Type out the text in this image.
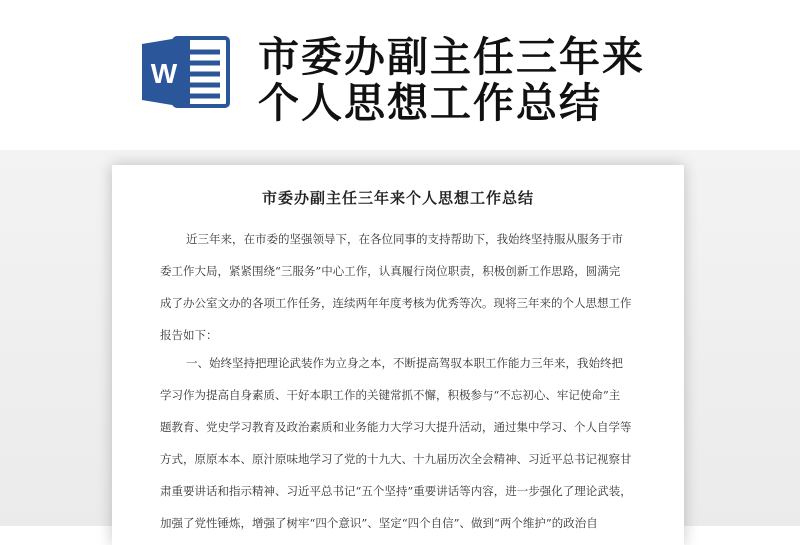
W 市委办副主任三年来
个人思想工作总结
市委办副主任三年来个人思想工作总结
近三年来，在市委的坚强领导下，在各位同事的支持帮助下，我始终坚持服从服务于市
委工作大局，紧紧围绕“三服务”中心工作，认真履行岗位职责，积极创新工作思路，圆满完
成了办公室文办的各项工作任务，连续两年年度考核为优秀等次。现将三年来的个人思想工作
报告如下：
一、始终坚持把理论武装作为立身之本，不断提高驾驭本职工作能力三年来，我始终把
学习作为提高自身素质、干好本职工作的关键常抓不懈，积极参与“不忘初心、牢记使命”主
题教育、党史学习教育及政治素质和业务能力大学习大提升活动，通过集中学习、个人自学等
方式，原原本本、原汁原味地学习了党的十九大、十九届历次全会精神、习近平总书记视察甘
肃重要讲话和指示精神、习近平总书记“五个坚持”重要讲话等内容，进一步强化了理论武装，
加强了党性锤炼，增强了树牢“四个意识”、坚定“四个自信”、做到“两个维护”的政治自
